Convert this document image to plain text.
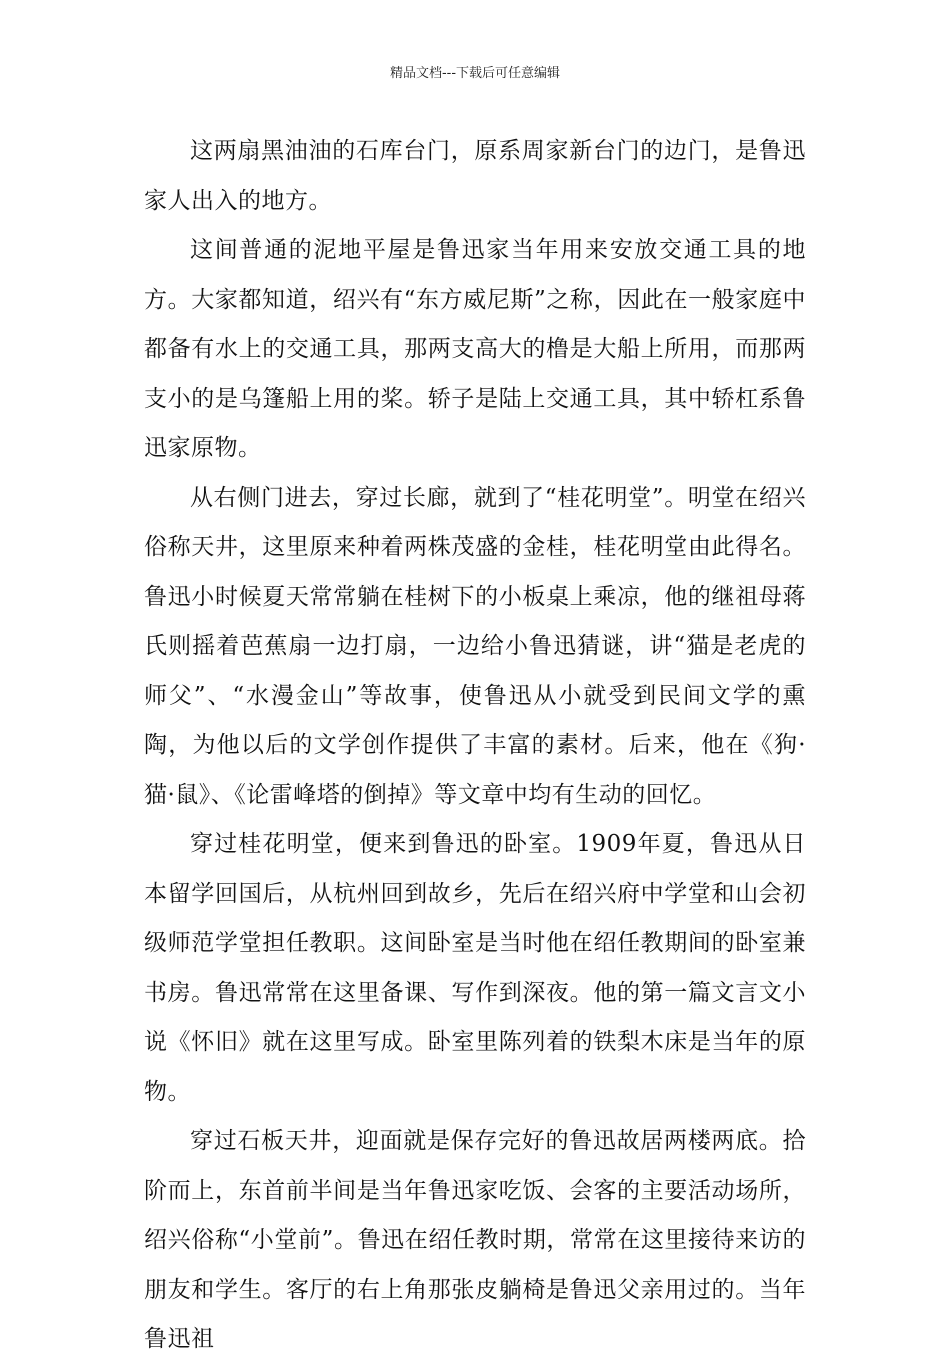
精品文档---下载后可任意编辑

这两扇黑油油的石库台门，原系周家新台门的边门，是鲁迅家人出入的地方。

这间普通的泥地平屋是鲁迅家当年用来安放交通工具的地方。大家都知道，绍兴有“东方威尼斯”之称，因此在一般家庭中都备有水上的交通工具，那两支高大的橹是大船上所用，而那两支小的是乌篷船上用的桨。轿子是陆上交通工具，其中轿杠系鲁迅家原物。

从右侧门进去，穿过长廊，就到了“桂花明堂”。明堂在绍兴俗称天井，这里原来种着两株茂盛的金桂，桂花明堂由此得名。鲁迅小时候夏天常常躺在桂树下的小板桌上乘凉，他的继祖母蒋氏则摇着芭蕉扇一边打扇，一边给小鲁迅猜谜，讲“猫是老虎的师父”、“水漫金山”等故事，使鲁迅从小就受到民间文学的熏陶，为他以后的文学创作提供了丰富的素材。后来，他在《狗·猫·鼠》、《论雷峰塔的倒掉》等文章中均有生动的回忆。

穿过桂花明堂，便来到鲁迅的卧室。1909年夏，鲁迅从日本留学回国后，从杭州回到故乡，先后在绍兴府中学堂和山会初级师范学堂担任教职。这间卧室是当时他在绍任教期间的卧室兼书房。鲁迅常常在这里备课、写作到深夜。他的第一篇文言文小说《怀旧》就在这里写成。卧室里陈列着的铁梨木床是当年的原物。

穿过石板天井，迎面就是保存完好的鲁迅故居两楼两底。拾阶而上，东首前半间是当年鲁迅家吃饭、会客的主要活动场所，绍兴俗称“小堂前”。鲁迅在绍任教时期，常常在这里接待来访的朋友和学生。客厅的右上角那张皮躺椅是鲁迅父亲用过的。当年鲁迅祖
